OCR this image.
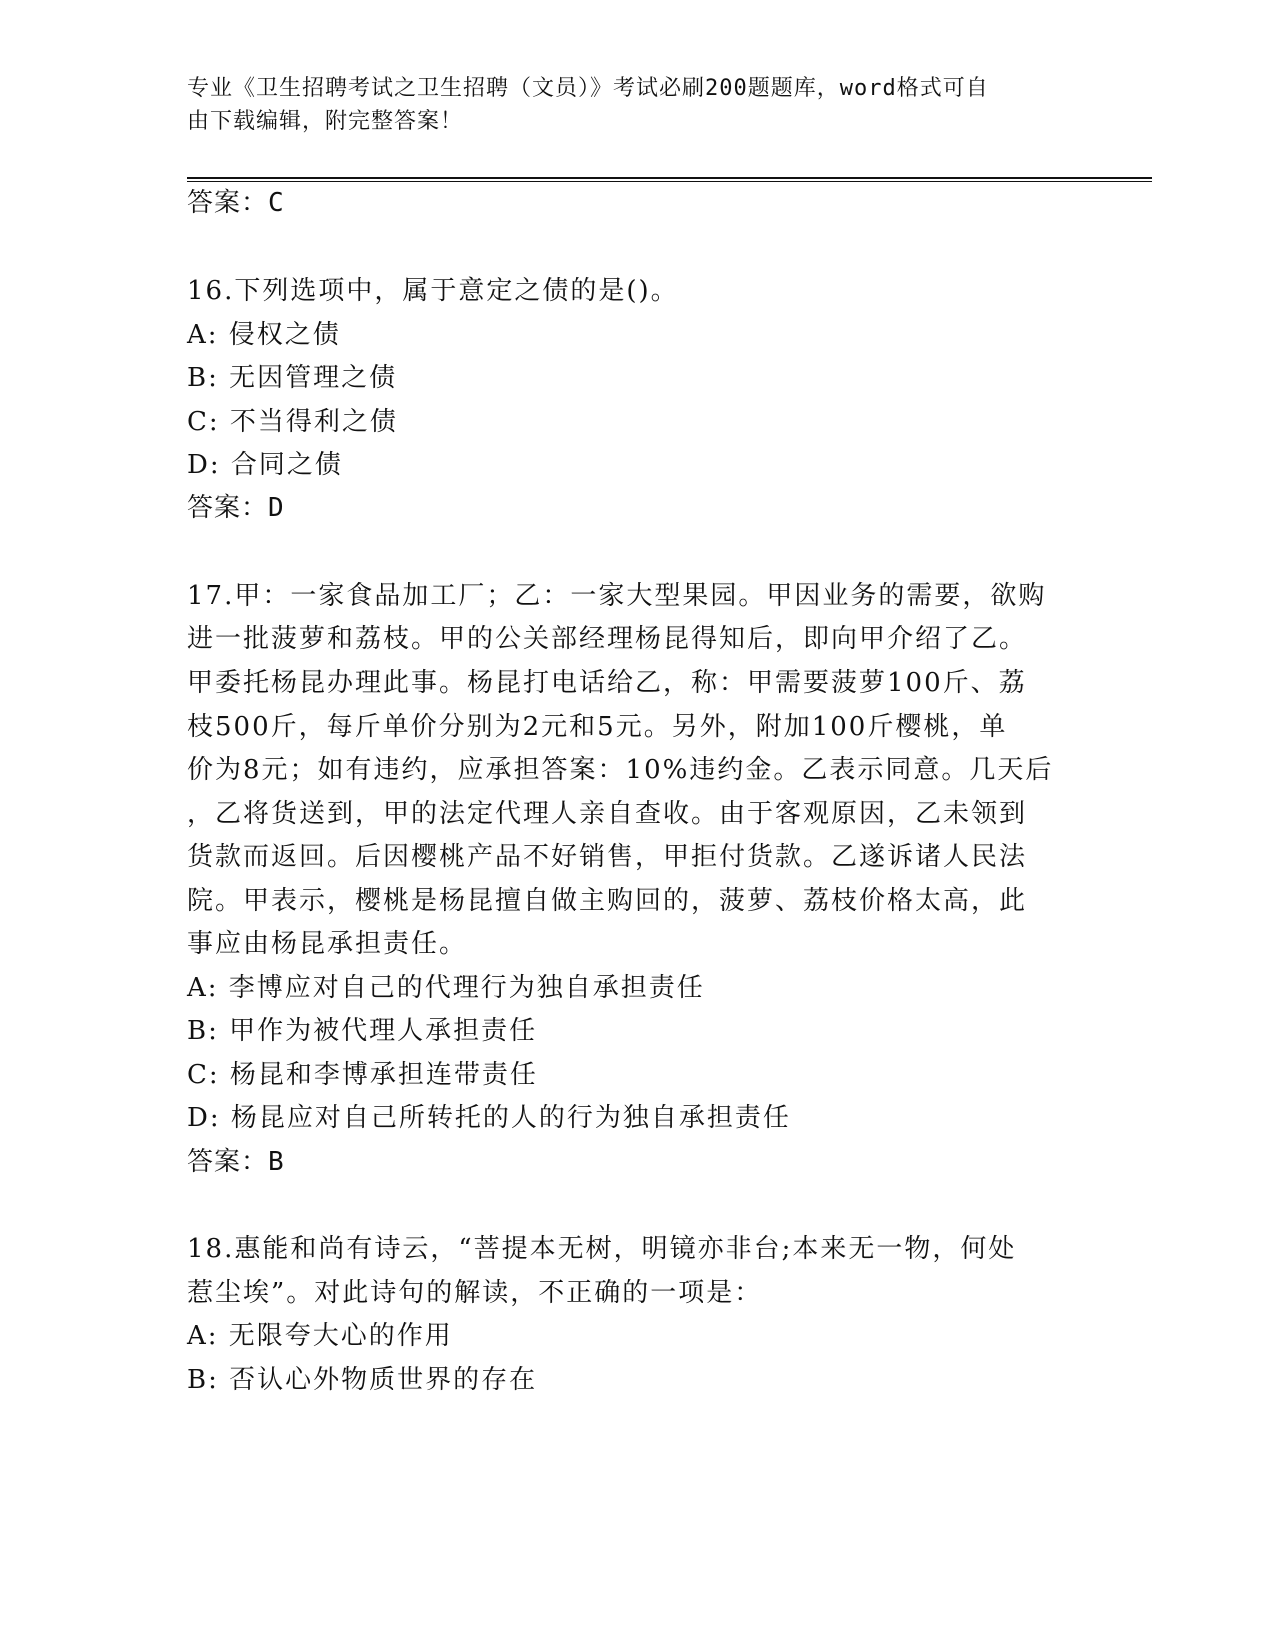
专业《卫生招聘考试之卫生招聘（文员）》考试必刷200题题库，word格式可自
由下载编辑，附完整答案！
答案：C
16.下列选项中，属于意定之债的是()。
A: 侵权之债
B: 无因管理之债
C: 不当得利之债
D: 合同之债
答案：D
17.甲：一家食品加工厂；乙：一家大型果园。甲因业务的需要，欲购
进一批菠萝和荔枝。甲的公关部经理杨昆得知后，即向甲介绍了乙。
甲委托杨昆办理此事。杨昆打电话给乙，称：甲需要菠萝100斤、荔
枝500斤，每斤单价分别为2元和5元。另外，附加100斤樱桃，单
价为8元；如有违约，应承担答案：10%违约金。乙表示同意。几天后
，乙将货送到，甲的法定代理人亲自查收。由于客观原因，乙未领到
货款而返回。后因樱桃产品不好销售，甲拒付货款。乙遂诉诸人民法
院。甲表示，樱桃是杨昆擅自做主购回的，菠萝、荔枝价格太高，此
事应由杨昆承担责任。
A: 李博应对自己的代理行为独自承担责任
B: 甲作为被代理人承担责任
C: 杨昆和李博承担连带责任
D: 杨昆应对自己所转托的人的行为独自承担责任
答案：B
18.惠能和尚有诗云，“菩提本无树，明镜亦非台;本来无一物，何处
惹尘埃”。对此诗句的解读，不正确的一项是：
A: 无限夸大心的作用
B: 否认心外物质世界的存在
